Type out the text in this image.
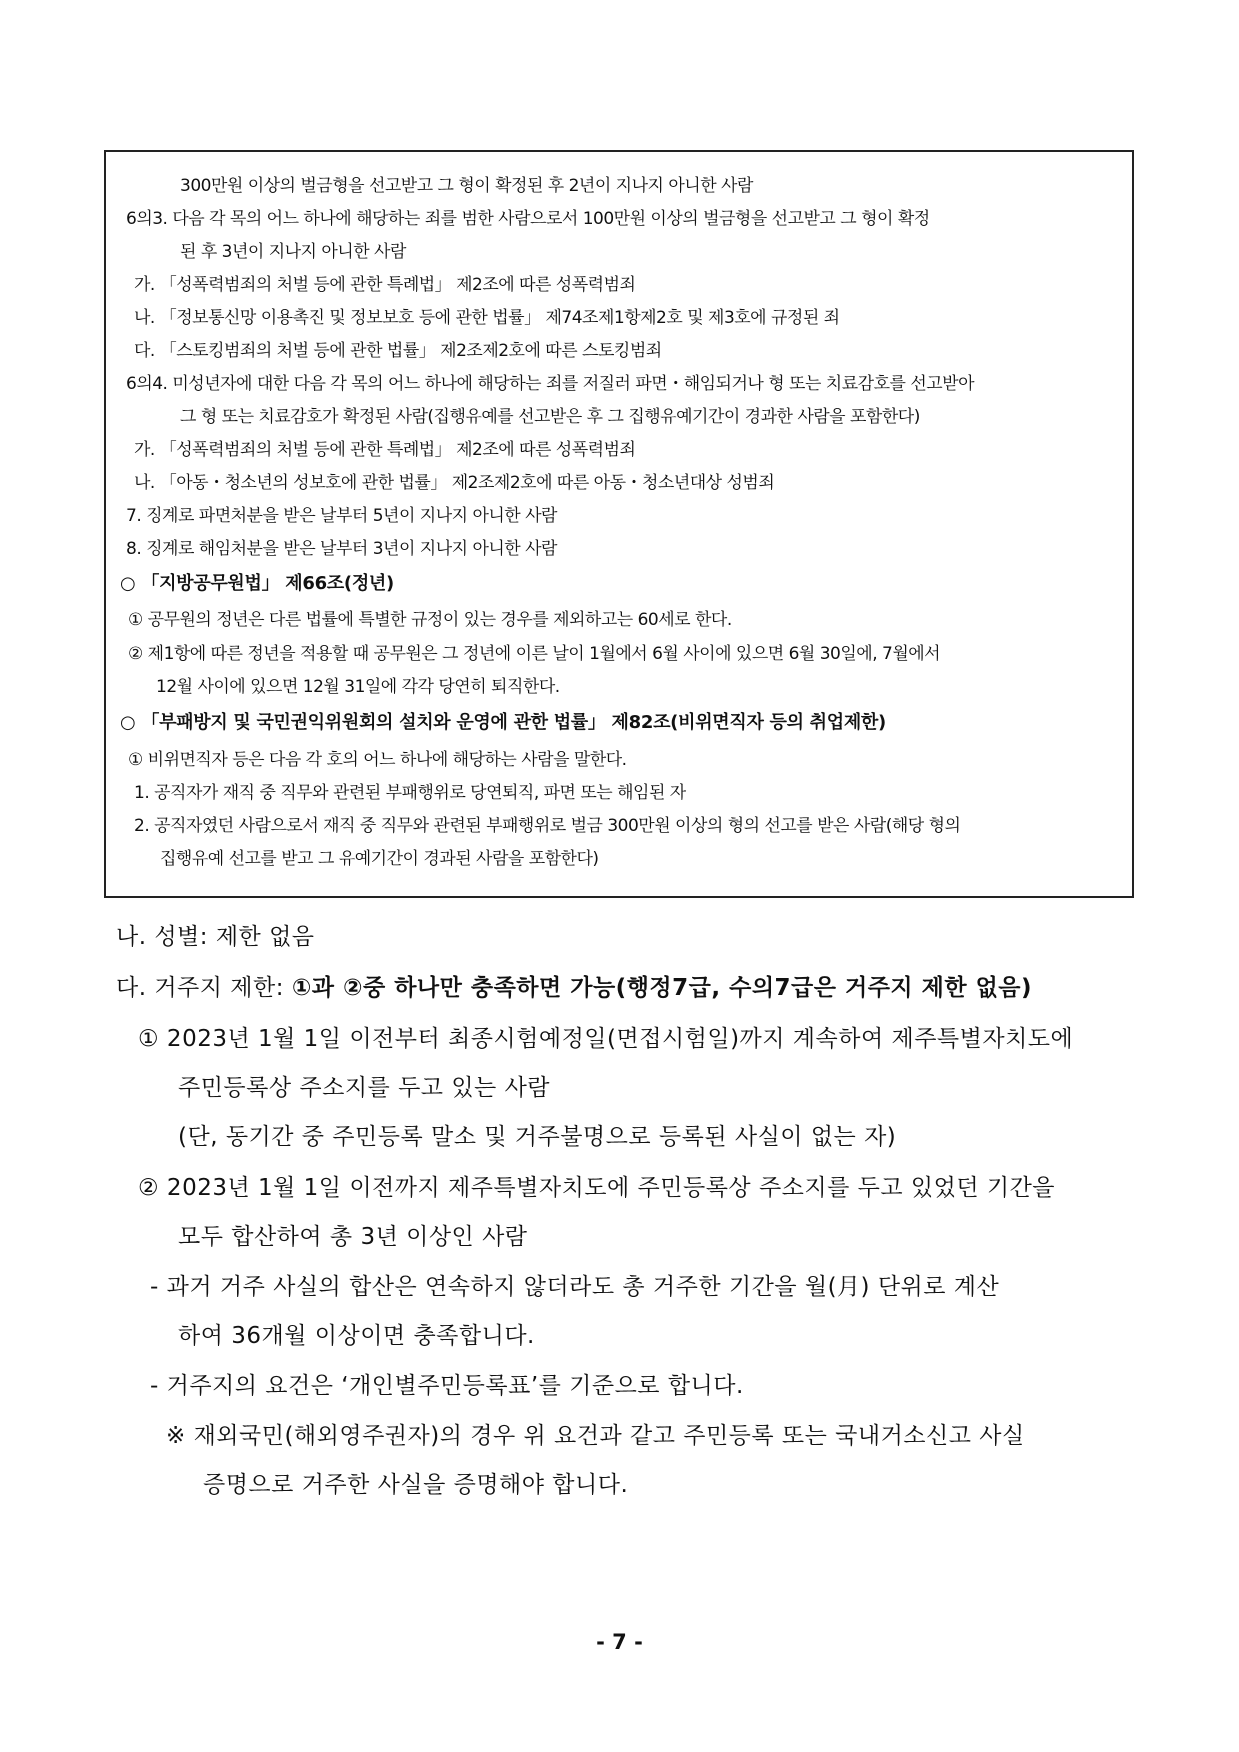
300만원 이상의 벌금형을 선고받고 그 형이 확정된 후 2년이 지나지 아니한 사람
6의3. 다음 각 목의 어느 하나에 해당하는 죄를 범한 사람으로서 100만원 이상의 벌금형을 선고받고 그 형이 확정
된 후 3년이 지나지 아니한 사람
가. 「성폭력범죄의 처벌 등에 관한 특례법」 제2조에 따른 성폭력범죄
나. 「정보통신망 이용촉진 및 정보보호 등에 관한 법률」 제74조제1항제2호 및 제3호에 규정된 죄
다. 「스토킹범죄의 처벌 등에 관한 법률」 제2조제2호에 따른 스토킹범죄
6의4. 미성년자에 대한 다음 각 목의 어느 하나에 해당하는 죄를 저질러 파면・해임되거나 형 또는 치료감호를 선고받아
그 형 또는 치료감호가 확정된 사람(집행유예를 선고받은 후 그 집행유예기간이 경과한 사람을 포함한다)
가. 「성폭력범죄의 처벌 등에 관한 특례법」 제2조에 따른 성폭력범죄
나. 「아동・청소년의 성보호에 관한 법률」 제2조제2호에 따른 아동・청소년대상 성범죄
7. 징계로 파면처분을 받은 날부터 5년이 지나지 아니한 사람
8. 징계로 해임처분을 받은 날부터 3년이 지나지 아니한 사람
○ 「지방공무원법」 제66조(정년)
① 공무원의 정년은 다른 법률에 특별한 규정이 있는 경우를 제외하고는 60세로 한다.
② 제1항에 따른 정년을 적용할 때 공무원은 그 정년에 이른 날이 1월에서 6월 사이에 있으면 6월 30일에, 7월에서
12월 사이에 있으면 12월 31일에 각각 당연히 퇴직한다.
○ 「부패방지 및 국민권익위원회의 설치와 운영에 관한 법률」 제82조(비위면직자 등의 취업제한)
① 비위면직자 등은 다음 각 호의 어느 하나에 해당하는 사람을 말한다.
1. 공직자가 재직 중 직무와 관련된 부패행위로 당연퇴직, 파면 또는 해임된 자
2. 공직자였던 사람으로서 재직 중 직무와 관련된 부패행위로 벌금 300만원 이상의 형의 선고를 받은 사람(해당 형의
집행유예 선고를 받고 그 유예기간이 경과된 사람을 포함한다)
나. 성별: 제한 없음
다. 거주지 제한: ①과 ②중 하나만 충족하면 가능(행정7급, 수의7급은 거주지 제한 없음)
① 2023년 1월 1일 이전부터 최종시험예정일(면접시험일)까지 계속하여 제주특별자치도에
주민등록상 주소지를 두고 있는 사람
(단, 동기간 중 주민등록 말소 및 거주불명으로 등록된 사실이 없는 자)
② 2023년 1월 1일 이전까지 제주특별자치도에 주민등록상 주소지를 두고 있었던 기간을
모두 합산하여 총 3년 이상인 사람
- 과거 거주 사실의 합산은 연속하지 않더라도 총 거주한 기간을 월(月) 단위로 계산
하여 36개월 이상이면 충족합니다.
- 거주지의 요건은 ‘개인별주민등록표’를 기준으로 합니다.
※ 재외국민(해외영주권자)의 경우 위 요건과 같고 주민등록 또는 국내거소신고 사실
증명으로 거주한 사실을 증명해야 합니다.
- 7 -
